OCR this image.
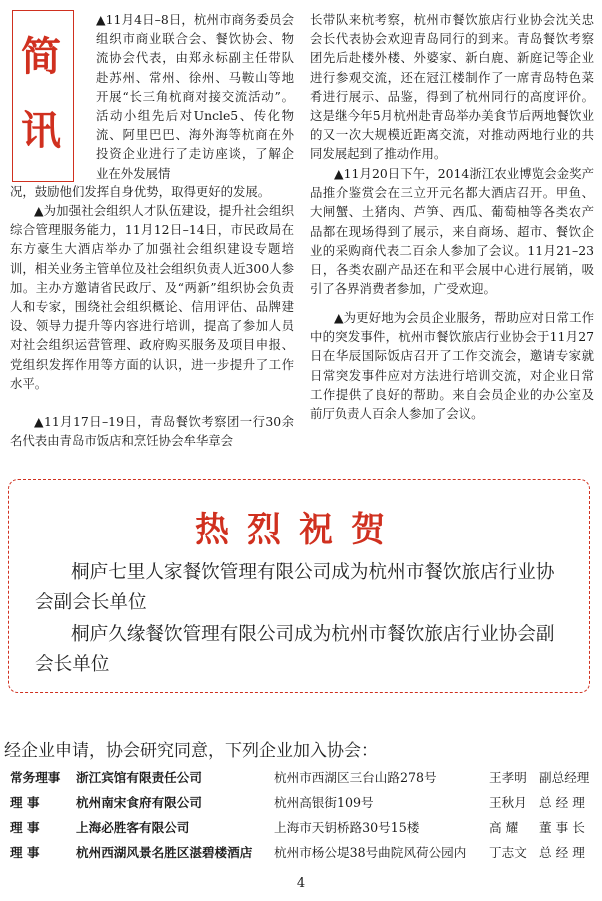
简
讯

▲11月4日–8日，杭州市商务委员会组织市商业联合会、餐饮协会、物流协会代表，由郑永标副主任带队赴苏州、常州、徐州、马鞍山等地开展“长三角杭商对接交流活动”。活动小组先后对Uncle5、传化物流、阿里巴巴、海外海等杭商在外投资企业进行了走访座谈，了解企业在外发展情

况，鼓励他们发挥自身优势，取得更好的发展。

▲为加强社会组织人才队伍建设，提升社会组织综合管理服务能力，11月12日–14日，市民政局在东方豪生大酒店举办了加强社会组织建设专题培训，相关业务主管单位及社会组织负责人近300人参加。主办方邀请省民政厅、及“两新”组织协会负责人和专家，围绕社会组织概论、信用评估、品牌建设、领导力提升等内容进行培训，提高了参加人员对社会组织运营管理、政府购买服务及项目申报、党组织发挥作用等方面的认识，进一步提升了工作水平。

▲11月17日–19日，青岛餐饮考察团一行30余名代表由青岛市饭店和烹饪协会牟华章会

长带队来杭考察，杭州市餐饮旅店行业协会沈关忠会长代表协会欢迎青岛同行的到来。青岛餐饮考察团先后赴楼外楼、外婆家、新白鹿、新庭记等企业进行参观交流，还在冠江楼制作了一席青岛特色菜肴进行展示、品鉴，得到了杭州同行的高度评价。这是继今年5月杭州赴青岛举办美食节后两地餐饮业的又一次大规模近距离交流，对推动两地行业的共同发展起到了推动作用。

▲11月20日下午，2014浙江农业博览会金奖产品推介鉴赏会在三立开元名都大酒店召开。甲鱼、大闸蟹、土猪肉、芦笋、西瓜、葡萄柚等各类农产品都在现场得到了展示，来自商场、超市、餐饮企业的采购商代表二百余人参加了会议。11月21–23日，各类农副产品还在和平会展中心进行展销，吸引了各界消费者参加，广受欢迎。

▲为更好地为会员企业服务，帮助应对日常工作中的突发事件，杭州市餐饮旅店行业协会于11月27日在华辰国际饭店召开了工作交流会，邀请专家就日常突发事件应对方法进行培训交流，对企业日常工作提供了良好的帮助。来自会员企业的办公室及前厅负责人百余人参加了会议。

热烈祝贺

桐庐七里人家餐饮管理有限公司成为杭州市餐饮旅店行业协会副会长单位

桐庐久缘餐饮管理有限公司成为杭州市餐饮旅店行业协会副会长单位

经企业申请，协会研究同意，下列企业加入协会：
常务理事	浙江宾馆有限责任公司	杭州市西湖区三台山路278号	王孝明	副总经理
理 事	杭州南宋食府有限公司	杭州高银街109号	王秋月	总 经 理
理 事	上海必胜客有限公司	上海市天钥桥路30号15楼	高 耀	董 事 长
理 事	杭州西湖风景名胜区湛碧楼酒店	杭州市杨公堤38号曲院风荷公园内	丁志文	总 经 理
4
